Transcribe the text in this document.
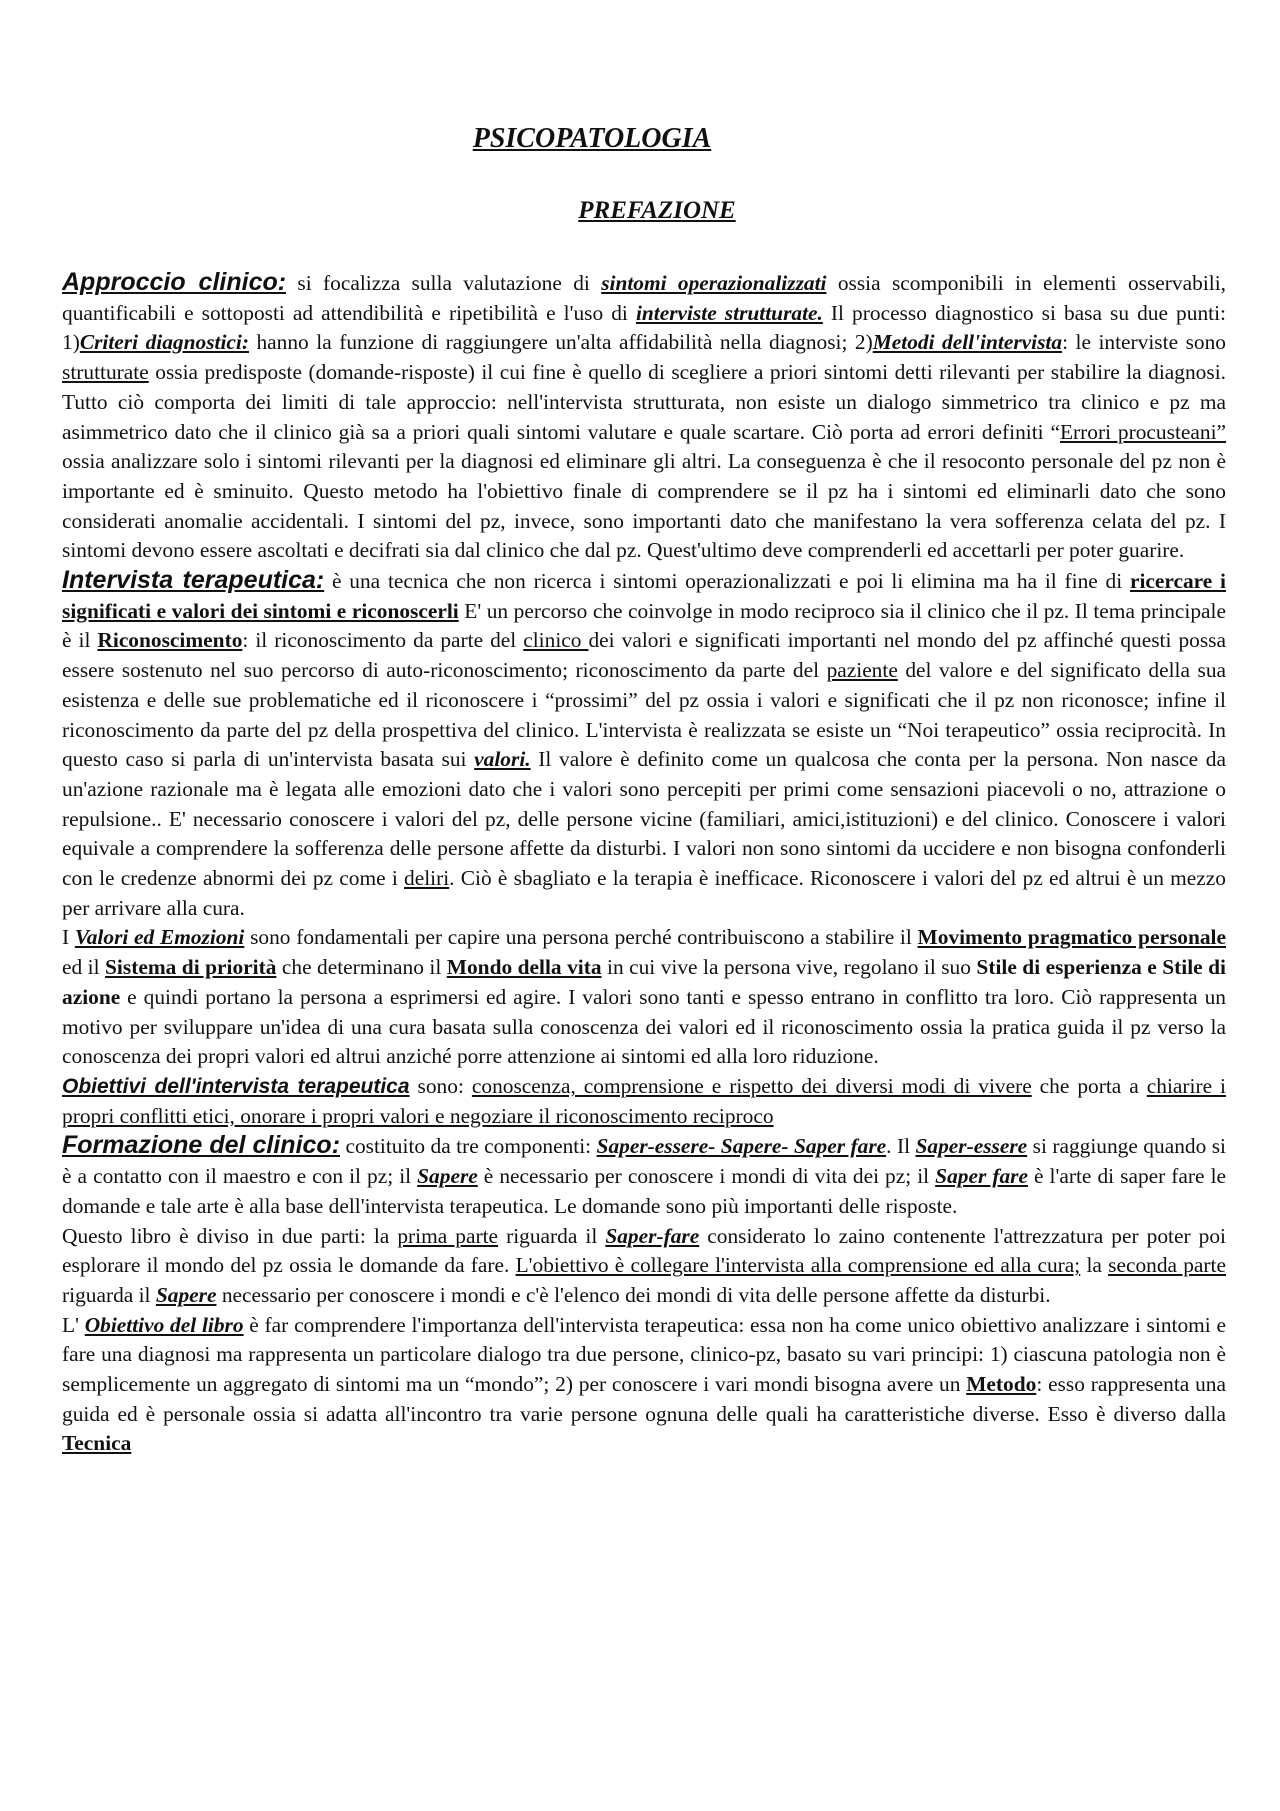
PSICOPATOLOGIA
PREFAZIONE

Approccio clinico: si focalizza sulla valutazione di sintomi operazionalizzati ossia scomponibili in elementi osservabili, quantificabili e sottoposti ad attendibilità e ripetibilità e l'uso di interviste strutturate. Il processo diagnostico si basa su due punti: 1)Criteri diagnostici: hanno la funzione di raggiungere un'alta affidabilità nella diagnosi; 2)Metodi dell'intervista: le interviste sono strutturate ossia predisposte (domande-risposte) il cui fine è quello di scegliere a priori sintomi detti rilevanti per stabilire la diagnosi. Tutto ciò comporta dei limiti di tale approccio: nell'intervista strutturata, non esiste un dialogo simmetrico tra clinico e pz ma asimmetrico dato che il clinico già sa a priori quali sintomi valutare e quale scartare. Ciò porta ad errori definiti “Errori procusteani” ossia analizzare solo i sintomi rilevanti per la diagnosi ed eliminare gli altri. La conseguenza è che il resoconto personale del pz non è importante ed è sminuito. Questo metodo ha l'obiettivo finale di comprendere se il pz ha i sintomi ed eliminarli dato che sono considerati anomalie accidentali. I sintomi del pz, invece, sono importanti dato che manifestano la vera sofferenza celata del pz. I sintomi devono essere ascoltati e decifrati sia dal clinico che dal pz. Quest'ultimo deve comprenderli ed accettarli per poter guarire.

Intervista terapeutica: è una tecnica che non ricerca i sintomi operazionalizzati e poi li elimina ma ha il fine di ricercare i significati e valori dei sintomi e riconoscerli E' un percorso che coinvolge in modo reciproco sia il clinico che il pz. Il tema principale è il Riconoscimento: il riconoscimento da parte del clinico dei valori e significati importanti nel mondo del pz affinché questi possa essere sostenuto nel suo percorso di auto-riconoscimento; riconoscimento da parte del paziente del valore e del significato della sua esistenza e delle sue problematiche ed il riconoscere i “prossimi” del pz ossia i valori e significati che il pz non riconosce; infine il riconoscimento da parte del pz della prospettiva del clinico. L'intervista è realizzata se esiste un “Noi terapeutico” ossia reciprocità. In questo caso si parla di un'intervista basata sui valori. Il valore è definito come un qualcosa che conta per la persona. Non nasce da un'azione razionale ma è legata alle emozioni dato che i valori sono percepiti per primi come sensazioni piacevoli o no, attrazione o repulsione.. E' necessario conoscere i valori del pz, delle persone vicine (familiari, amici,istituzioni) e del clinico. Conoscere i valori equivale a comprendere la sofferenza delle persone affette da disturbi. I valori non sono sintomi da uccidere e non bisogna confonderli con le credenze abnormi dei pz come i deliri. Ciò è sbagliato e la terapia è inefficace. Riconoscere i valori del pz ed altrui è un mezzo per arrivare alla cura.

I Valori ed Emozioni sono fondamentali per capire una persona perché contribuiscono a stabilire il Movimento pragmatico personale ed il Sistema di priorità che determinano il Mondo della vita in cui vive la persona vive, regolano il suo Stile di esperienza e Stile di azione e quindi portano la persona a esprimersi ed agire. I valori sono tanti e spesso entrano in conflitto tra loro. Ciò rappresenta un motivo per sviluppare un'idea di una cura basata sulla conoscenza dei valori ed il riconoscimento ossia la pratica guida il pz verso la conoscenza dei propri valori ed altrui anziché porre attenzione ai sintomi ed alla loro riduzione.

Obiettivi dell'intervista terapeutica sono: conoscenza, comprensione e rispetto dei diversi modi di vivere che porta a chiarire i propri conflitti etici, onorare i propri valori e negoziare il riconoscimento reciproco

Formazione del clinico: costituito da tre componenti: Saper-essere- Sapere- Saper fare. Il Saper-essere si raggiunge quando si è a contatto con il maestro e con il pz; il Sapere è necessario per conoscere i mondi di vita dei pz; il Saper fare è l'arte di saper fare le domande e tale arte è alla base dell'intervista terapeutica. Le domande sono più importanti delle risposte.

Questo libro è diviso in due parti: la prima parte riguarda il Saper-fare considerato lo zaino contenente l'attrezzatura per poter poi esplorare il mondo del pz ossia le domande da fare. L'obiettivo è collegare l'intervista alla comprensione ed alla cura; la seconda parte riguarda il Sapere necessario per conoscere i mondi e c'è l'elenco dei mondi di vita delle persone affette da disturbi.

L' Obiettivo del libro è far comprendere l'importanza dell'intervista terapeutica: essa non ha come unico obiettivo analizzare i sintomi e fare una diagnosi ma rappresenta un particolare dialogo tra due persone, clinico-pz, basato su vari principi: 1) ciascuna patologia non è semplicemente un aggregato di sintomi ma un “mondo”; 2) per conoscere i vari mondi bisogna avere un Metodo: esso rappresenta una guida ed è personale ossia si adatta all'incontro tra varie persone ognuna delle quali ha caratteristiche diverse. Esso è diverso dalla Tecnica
